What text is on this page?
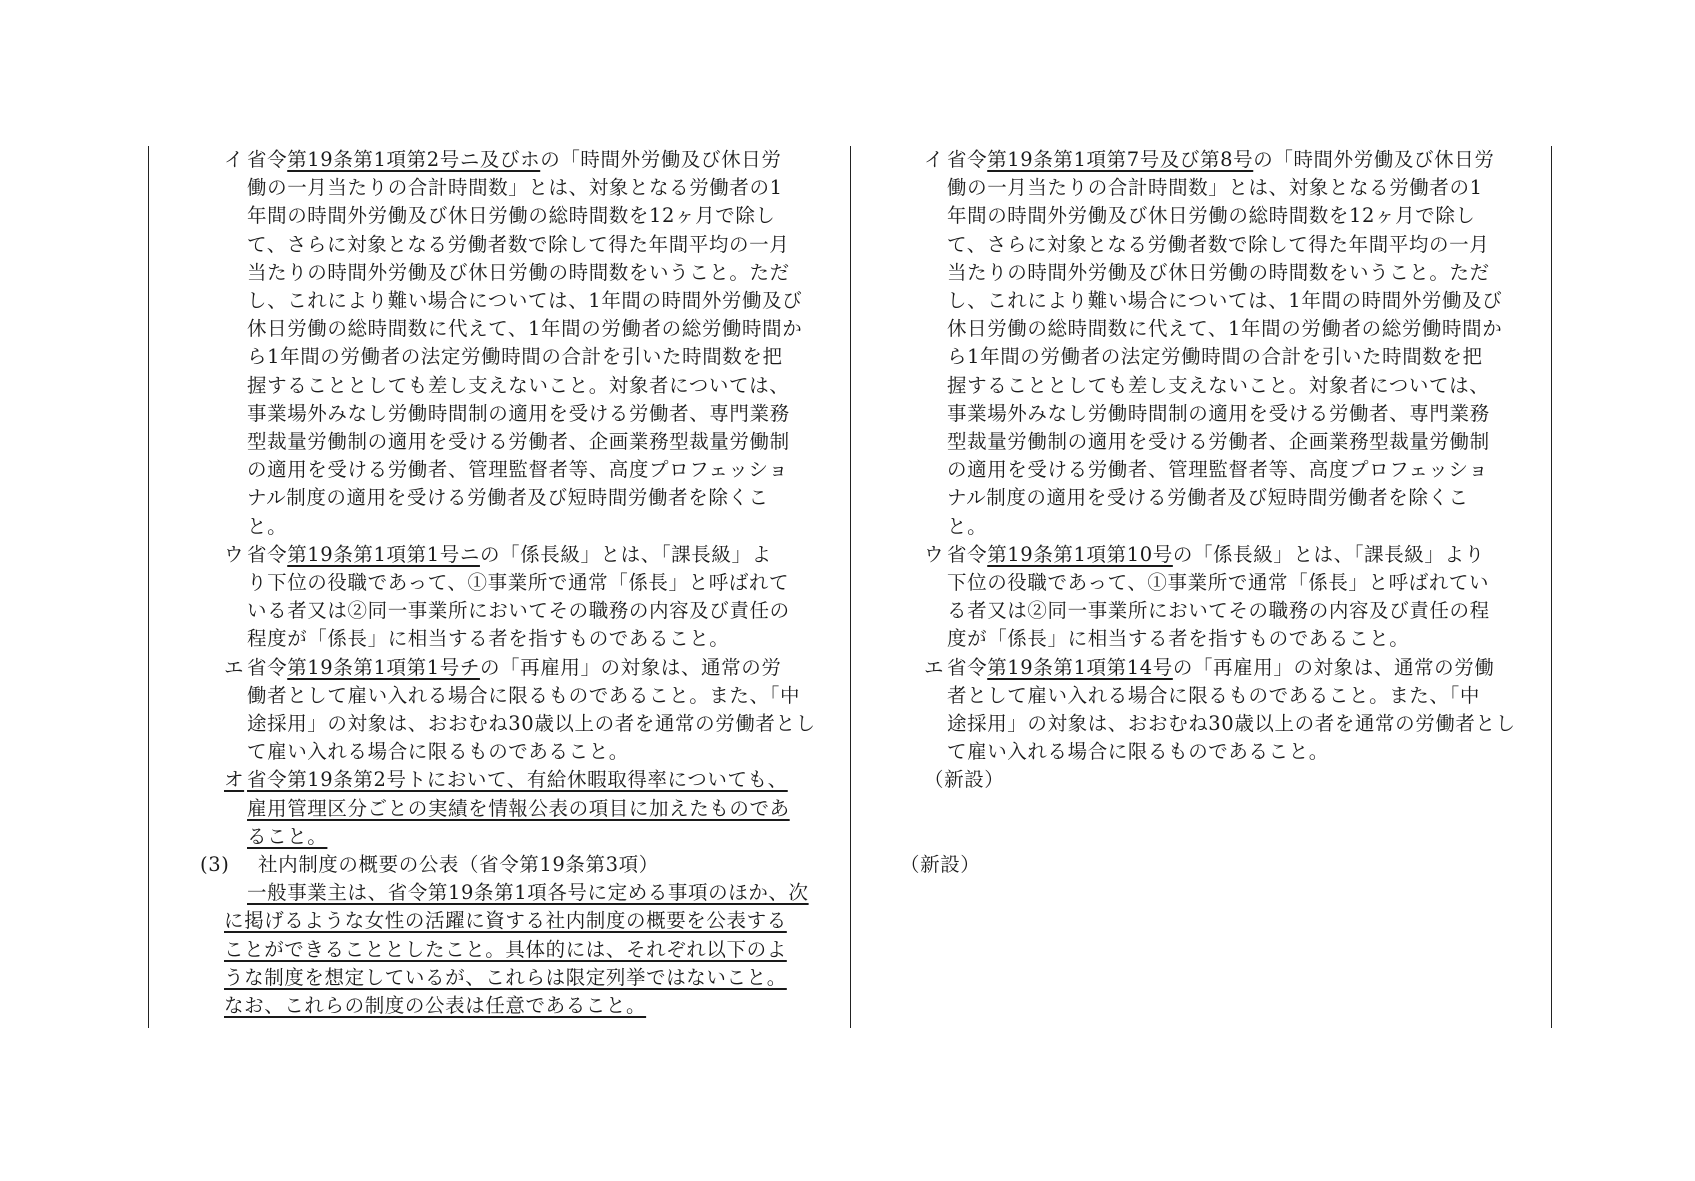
イ 省令第19条第1項第2号ニ及びホの「時間外労働及び休日労
働の一月当たりの合計時間数」とは、対象となる労働者の1
年間の時間外労働及び休日労働の総時間数を12ヶ月で除し
て、さらに対象となる労働者数で除して得た年間平均の一月
当たりの時間外労働及び休日労働の時間数をいうこと。ただ
し、これにより難い場合については、1年間の時間外労働及び
休日労働の総時間数に代えて、1年間の労働者の総労働時間か
ら1年間の労働者の法定労働時間の合計を引いた時間数を把
握することとしても差し支えないこと。対象者については、
事業場外みなし労働時間制の適用を受ける労働者、専門業務
型裁量労働制の適用を受ける労働者、企画業務型裁量労働制
の適用を受ける労働者、管理監督者等、高度プロフェッショ
ナル制度の適用を受ける労働者及び短時間労働者を除くこ
と。
ウ 省令第19条第1項第1号ニの「係長級」とは、「課長級」よ
り下位の役職であって、①事業所で通常「係長」と呼ばれて
いる者又は②同一事業所においてその職務の内容及び責任の
程度が「係長」に相当する者を指すものであること。
エ 省令第19条第1項第1号チの「再雇用」の対象は、通常の労
働者として雇い入れる場合に限るものであること。また、「中
途採用」の対象は、おおむね30歳以上の者を通常の労働者とし
て雇い入れる場合に限るものであること。
オ 省令第19条第2号トにおいて、有給休暇取得率についても、
雇用管理区分ごとの実績を情報公表の項目に加えたものであ
ること。
(3) 社内制度の概要の公表（省令第19条第3項）
一般事業主は、省令第19条第1項各号に定める事項のほか、次
に掲げるような女性の活躍に資する社内制度の概要を公表する
ことができることとしたこと。具体的には、それぞれ以下のよ
うな制度を想定しているが、これらは限定列挙ではないこと。
なお、これらの制度の公表は任意であること。
イ 省令第19条第1項第7号及び第8号の「時間外労働及び休日労
働の一月当たりの合計時間数」とは、対象となる労働者の1
年間の時間外労働及び休日労働の総時間数を12ヶ月で除し
て、さらに対象となる労働者数で除して得た年間平均の一月
当たりの時間外労働及び休日労働の時間数をいうこと。ただ
し、これにより難い場合については、1年間の時間外労働及び
休日労働の総時間数に代えて、1年間の労働者の総労働時間か
ら1年間の労働者の法定労働時間の合計を引いた時間数を把
握することとしても差し支えないこと。対象者については、
事業場外みなし労働時間制の適用を受ける労働者、専門業務
型裁量労働制の適用を受ける労働者、企画業務型裁量労働制
の適用を受ける労働者、管理監督者等、高度プロフェッショ
ナル制度の適用を受ける労働者及び短時間労働者を除くこ
と。
ウ 省令第19条第1項第10号の「係長級」とは、「課長級」より
下位の役職であって、①事業所で通常「係長」と呼ばれてい
る者又は②同一事業所においてその職務の内容及び責任の程
度が「係長」に相当する者を指すものであること。
エ 省令第19条第1項第14号の「再雇用」の対象は、通常の労働
者として雇い入れる場合に限るものであること。また、「中
途採用」の対象は、おおむね30歳以上の者を通常の労働者とし
て雇い入れる場合に限るものであること。
（新設）
（新設）
